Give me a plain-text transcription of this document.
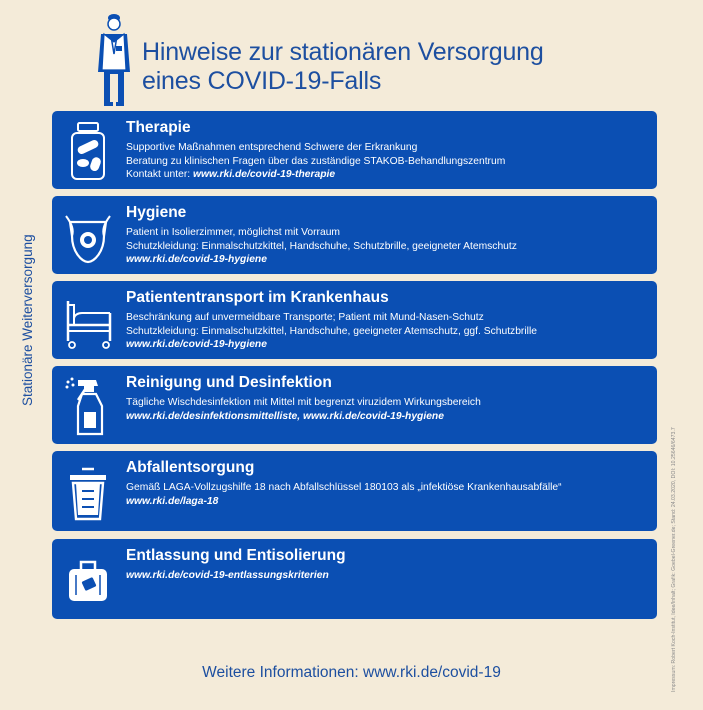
Hinweise zur stationären Versorgung
eines COVID-19-Falls
Stationäre Weiterversorgung
Impressum: Robert Koch-Institut, Idee/Inhalt; Grafik: Goebel-Greener.de; Stand: 24.03.2020, DOI: 10.25646/6473.7
Therapie
Supportive Maßnahmen entsprechend Schwere der Erkrankung
Beratung zu klinischen Fragen über das zuständige STAKOB-Behandlungszentrum
Kontakt unter: www.rki.de/covid-19-therapie
Hygiene
Patient in Isolierzimmer, möglichst mit Vorraum
Schutzkleidung: Einmalschutzkittel, Handschuhe, Schutzbrille, geeigneter Atemschutz
www.rki.de/covid-19-hygiene
Patiententransport im Krankenhaus
Beschränkung auf unvermeidbare Transporte; Patient mit Mund-Nasen-Schutz
Schutzkleidung: Einmalschutzkittel, Handschuhe, geeigneter Atemschutz, ggf. Schutzbrille
www.rki.de/covid-19-hygiene
Reinigung und Desinfektion
Tägliche Wischdesinfektion mit Mittel mit begrenzt viruzidem Wirkungsbereich
www.rki.de/desinfektionsmittelliste, www.rki.de/covid-19-hygiene
Abfallentsorgung
Gemäß LAGA-Vollzugshilfe 18 nach Abfallschlüssel 180103 als „infektiöse Krankenhausabfälle“
www.rki.de/laga-18
Entlassung und Entisolierung
www.rki.de/covid-19-entlassungskriterien
Weitere Informationen: www.rki.de/covid-19
